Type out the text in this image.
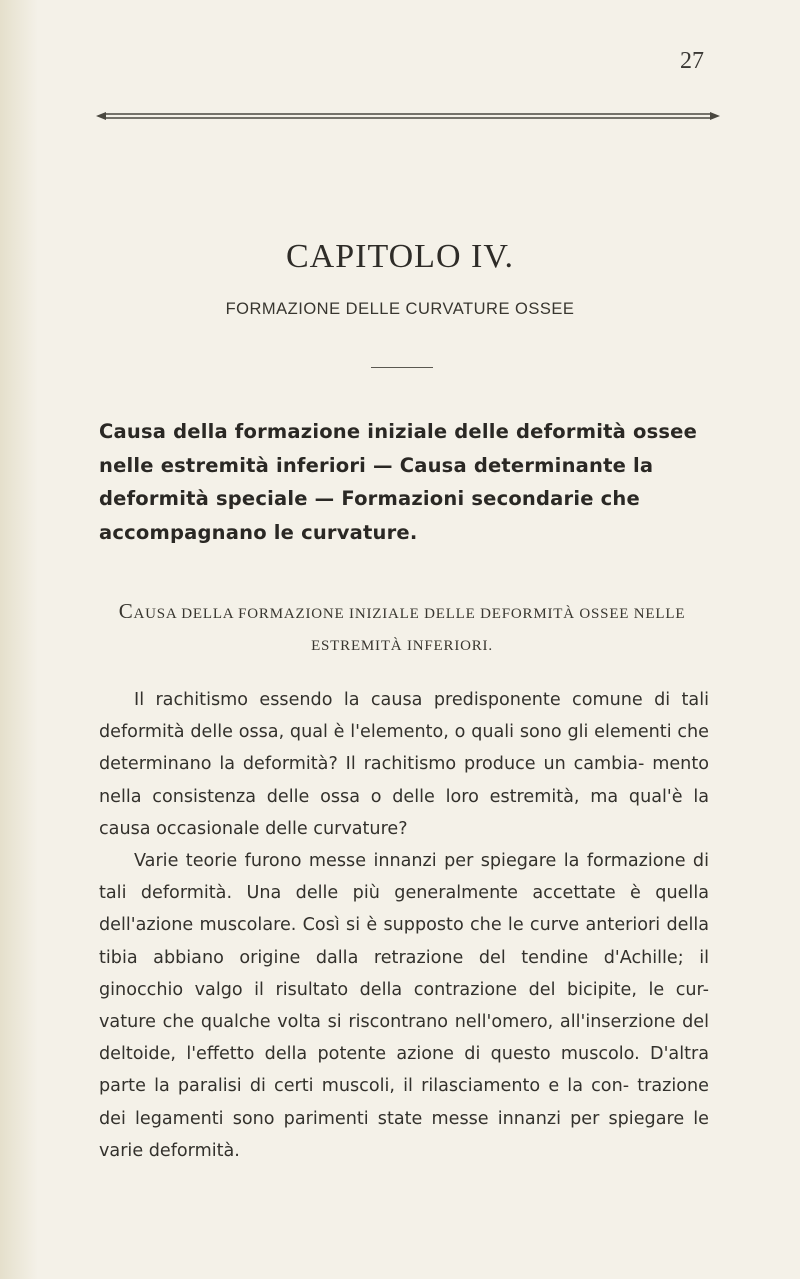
27
CAPITOLO IV.
FORMAZIONE DELLE CURVATURE OSSEE
Causa della formazione iniziale delle deformità ossee nelle estremità inferiori — Causa determinante la deformità speciale — Formazioni secondarie che accompagnano le curvature.
CAUSA DELLA FORMAZIONE INIZIALE DELLE DEFORMITÀ OSSEE NELLE ESTREMITÀ INFERIORI.

Il rachitismo essendo la causa predisponente comune di tali deformità delle ossa, qual è l'elemento, o quali sono gli elementi che determinano la deformità? Il rachitismo produce un cambia- mento nella consistenza delle ossa o delle loro estremità, ma qual'è la causa occasionale delle curvature?

Varie teorie furono messe innanzi per spiegare la formazione di tali deformità. Una delle più generalmente accettate è quella dell'azione muscolare. Così si è supposto che le curve anteriori della tibia abbiano origine dalla retrazione del tendine d'Achille; il ginocchio valgo il risultato della contrazione del bicipite, le cur- vature che qualche volta si riscontrano nell'omero, all'inserzione del deltoide, l'effetto della potente azione di questo muscolo. D'altra parte la paralisi di certi muscoli, il rilasciamento e la con- trazione dei legamenti sono parimenti state messe innanzi per spiegare le varie deformità.
